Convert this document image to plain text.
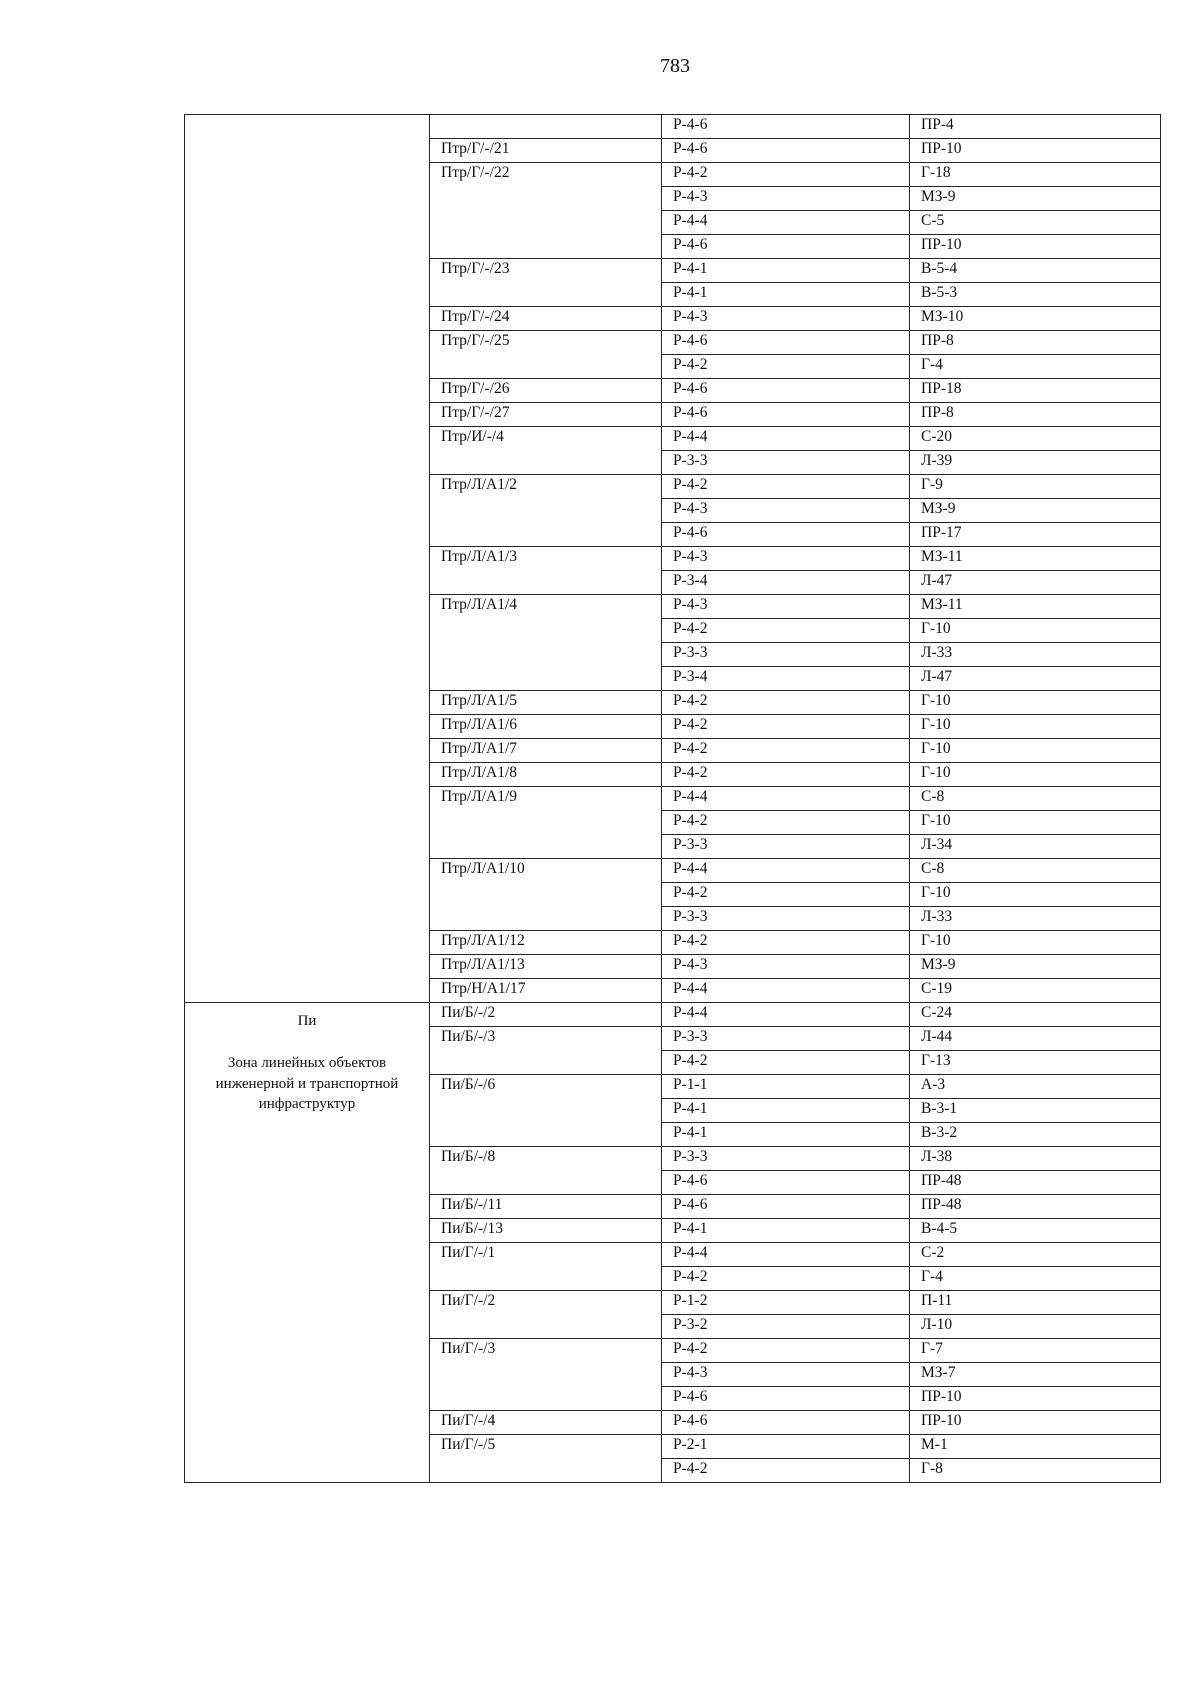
783
		Р-4-6	ПР-4
	Птр/Г/-/21	Р-4-6	ПР-10
	Птр/Г/-/22	Р-4-2	Г-18
		Р-4-3	МЗ-9
		Р-4-4	С-5
		Р-4-6	ПР-10
	Птр/Г/-/23	Р-4-1	В-5-4
		Р-4-1	В-5-3
	Птр/Г/-/24	Р-4-3	МЗ-10
	Птр/Г/-/25	Р-4-6	ПР-8
		Р-4-2	Г-4
	Птр/Г/-/26	Р-4-6	ПР-18
	Птр/Г/-/27	Р-4-6	ПР-8
	Птр/И/-/4	Р-4-4	С-20
		Р-3-3	Л-39
	Птр/Л/А1/2	Р-4-2	Г-9
		Р-4-3	МЗ-9
		Р-4-6	ПР-17
	Птр/Л/А1/3	Р-4-3	МЗ-11
		Р-3-4	Л-47
	Птр/Л/А1/4	Р-4-3	МЗ-11
		Р-4-2	Г-10
		Р-3-3	Л-33
		Р-3-4	Л-47
	Птр/Л/А1/5	Р-4-2	Г-10
	Птр/Л/А1/6	Р-4-2	Г-10
	Птр/Л/А1/7	Р-4-2	Г-10
	Птр/Л/А1/8	Р-4-2	Г-10
	Птр/Л/А1/9	Р-4-4	С-8
		Р-4-2	Г-10
		Р-3-3	Л-34
	Птр/Л/А1/10	Р-4-4	С-8
		Р-4-2	Г-10
		Р-3-3	Л-33
	Птр/Л/А1/12	Р-4-2	Г-10
	Птр/Л/А1/13	Р-4-3	МЗ-9
	Птр/Н/А1/17	Р-4-4	С-19

Пи
Зона линейных объектов инженерной и транспортной инфраструктур	Пи/Б/-/2	Р-4-4	С-24
	Пи/Б/-/3	Р-3-3	Л-44
		Р-4-2	Г-13
	Пи/Б/-/6	Р-1-1	А-3
		Р-4-1	В-3-1
		Р-4-1	В-3-2
	Пи/Б/-/8	Р-3-3	Л-38
		Р-4-6	ПР-48
	Пи/Б/-/11	Р-4-6	ПР-48
	Пи/Б/-/13	Р-4-1	В-4-5
	Пи/Г/-/1	Р-4-4	С-2
		Р-4-2	Г-4
	Пи/Г/-/2	Р-1-2	П-11
		Р-3-2	Л-10
	Пи/Г/-/3	Р-4-2	Г-7
		Р-4-3	МЗ-7
		Р-4-6	ПР-10
	Пи/Г/-/4	Р-4-6	ПР-10
	Пи/Г/-/5	Р-2-1	М-1
		Р-4-2	Г-8
